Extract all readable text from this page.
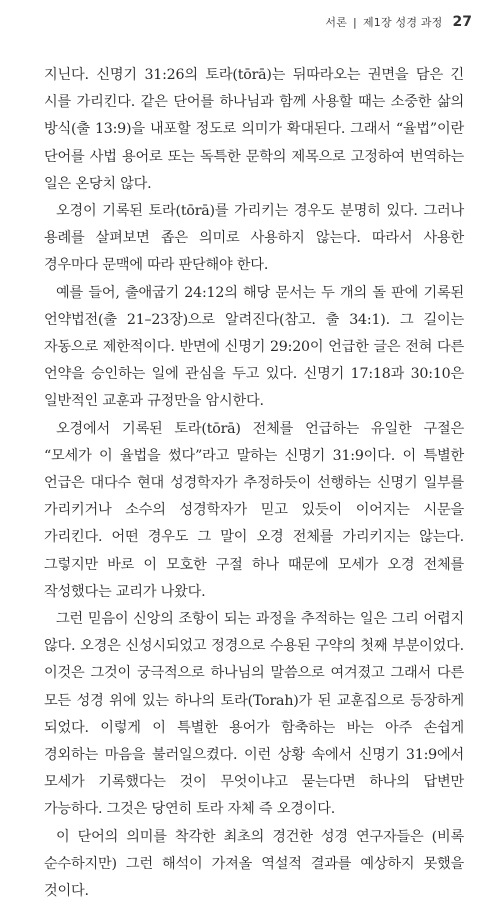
서론 | 제1장 성경 과정 27

지닌다. 신명기 31:26의 토라(tōrā)는 뒤따라오는 권면을 담은 긴 시를 가리킨다. 같은 단어를 하나님과 함께 사용할 때는 소중한 삶의 방식(출 13:9)을 내포할 정도로 의미가 확대된다. 그래서 “율법”이란 단어를 사법 용어로 또는 독특한 문학의 제목으로 고정하여 번역하는 일은 온당치 않다.

오경이 기록된 토라(tōrā)를 가리키는 경우도 분명히 있다. 그러나 용례를 살펴보면 좁은 의미로 사용하지 않는다. 따라서 사용한 경우마다 문맥에 따라 판단해야 한다.

예를 들어, 출애굽기 24:12의 해당 문서는 두 개의 돌 판에 기록된 언약법전(출 21–23장)으로 알려진다(참고. 출 34:1). 그 길이는 자동으로 제한적이다. 반면에 신명기 29:20이 언급한 글은 전혀 다른 언약을 승인하는 일에 관심을 두고 있다. 신명기 17:18과 30:10은 일반적인 교훈과 규정만을 암시한다.

오경에서 기록된 토라(tōrā) 전체를 언급하는 유일한 구절은 “모세가 이 율법을 썼다”라고 말하는 신명기 31:9이다. 이 특별한 언급은 대다수 현대 성경학자가 추정하듯이 선행하는 신명기 일부를 가리키거나 소수의 성경학자가 믿고 있듯이 이어지는 시문을 가리킨다. 어떤 경우도 그 말이 오경 전체를 가리키지는 않는다. 그렇지만 바로 이 모호한 구절 하나 때문에 모세가 오경 전체를 작성했다는 교리가 나왔다.

그런 믿음이 신앙의 조항이 되는 과정을 추적하는 일은 그리 어렵지 않다. 오경은 신성시되었고 정경으로 수용된 구약의 첫째 부분이었다. 이것은 그것이 궁극적으로 하나님의 말씀으로 여겨졌고 그래서 다른 모든 성경 위에 있는 하나의 토라(Torah)가 된 교훈집으로 등장하게 되었다. 이렇게 이 특별한 용어가 함축하는 바는 아주 손쉽게 경외하는 마음을 불러일으켰다. 이런 상황 속에서 신명기 31:9에서 모세가 기록했다는 것이 무엇이냐고 묻는다면 하나의 답변만 가능하다. 그것은 당연히 토라 자체 즉 오경이다.

이 단어의 의미를 착각한 최초의 경건한 성경 연구자들은 (비록 순수하지만) 그런 해석이 가져올 역설적 결과를 예상하지 못했을 것이다.
